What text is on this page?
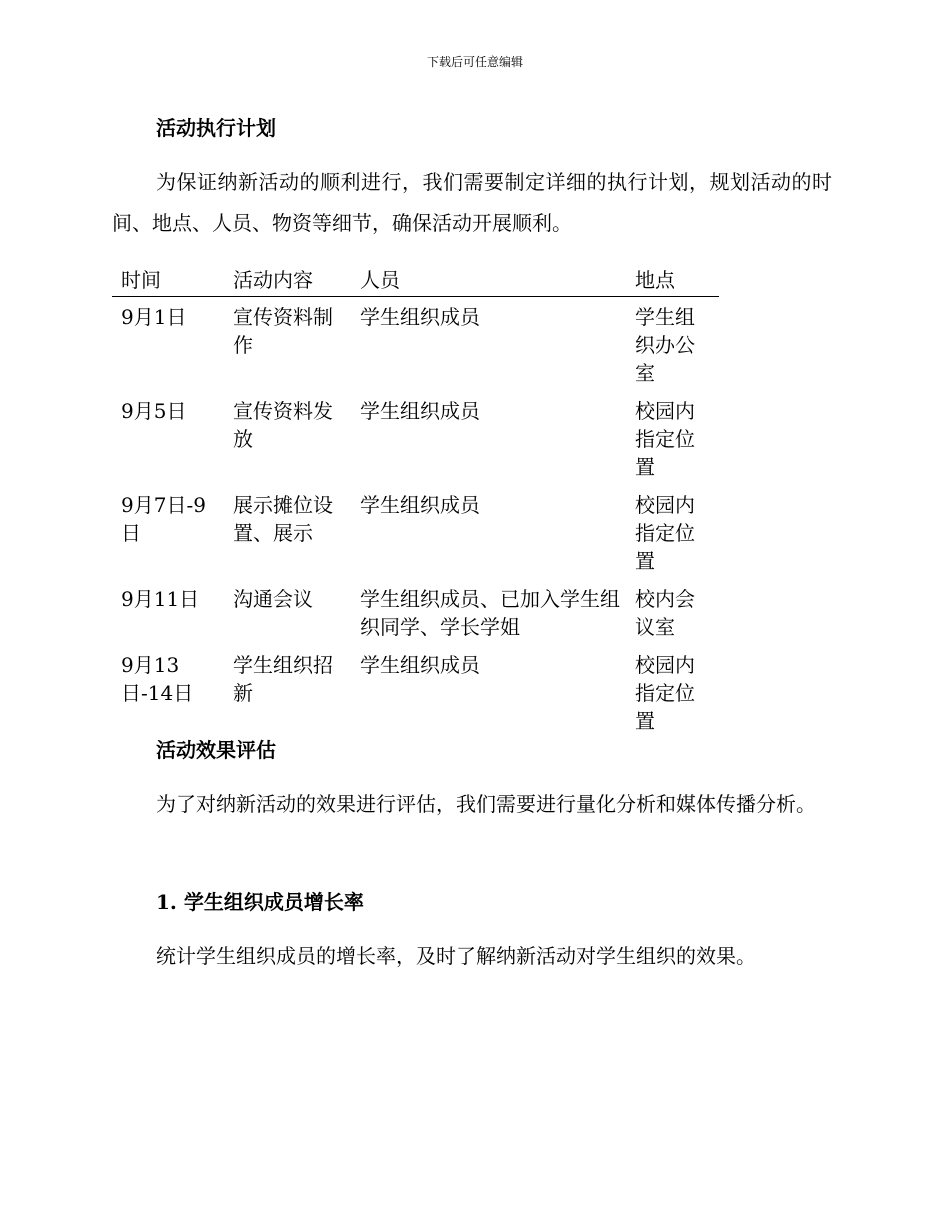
下载后可任意编辑
活动执行计划
为保证纳新活动的顺利进行，我们需要制定详细的执行计划，规划活动的时间、地点、人员、物资等细节，确保活动开展顺利。
时间	活动内容	人员	地点
9月1日	宣传资料制作	学生组织成员	学生组织办公室
9月5日	宣传资料发放	学生组织成员	校园内指定位置
9月7日-9日	展示摊位设置、展示	学生组织成员	校园内指定位置
9月11日	沟通会议	学生组织成员、已加入学生组织同学、学长学姐	校内会议室
9月13日-14日	学生组织招新	学生组织成员	校园内指定位置
活动效果评估
为了对纳新活动的效果进行评估，我们需要进行量化分析和媒体传播分析。
1. 学生组织成员增长率
统计学生组织成员的增长率，及时了解纳新活动对学生组织的效果。
